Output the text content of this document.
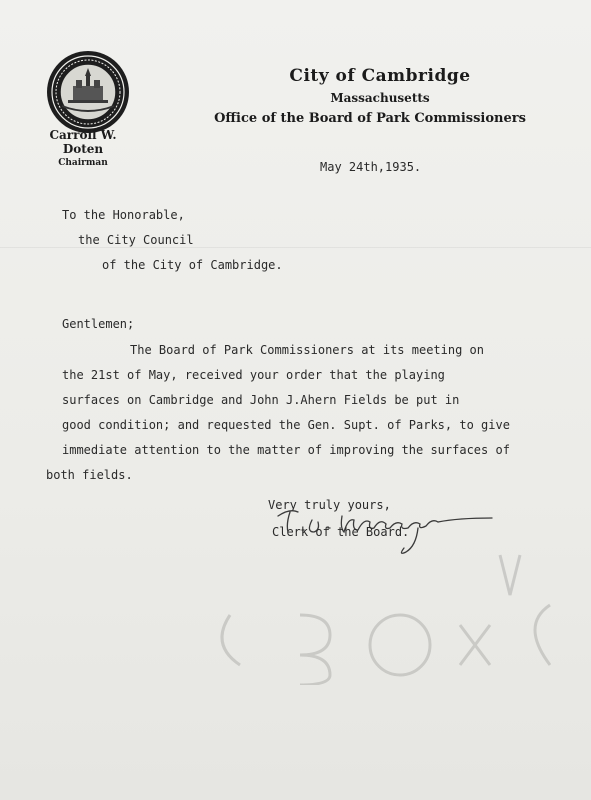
City of Cambridge
Massachusetts
Office of the Board of Park Commissioners
Carroll W. Doten
Chairman	May 24th,1935.
To the Honorable,
the City Council
of the City of Cambridge.
Gentlemen;
The Board of Park Commissioners at its meeting on
the 21st of May, received your order that the playing
surfaces on Cambridge and John J.Ahern Fields be put in
good condition; and requested the Gen. Supt. of Parks, to give
immediate attention to the matter of improving the surfaces of
both fields.
Very truly yours,
Clerk of the Board.
